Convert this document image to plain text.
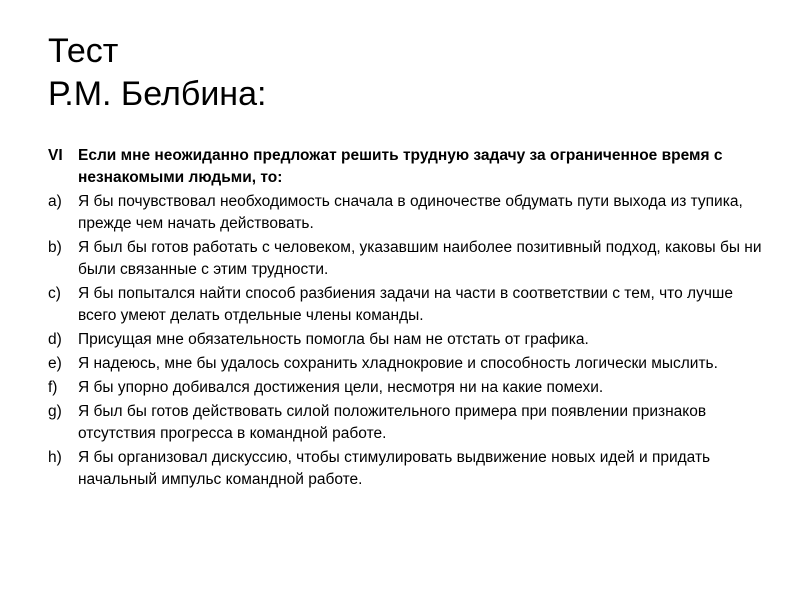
Тест
Р.М. Белбина:
VI Если мне неожиданно предложат решить трудную задачу за ограниченное время с незнакомыми людьми, то:
a)	Я бы почувствовал необходимость сначала в одиночестве обдумать пути выхода из тупика, прежде чем начать действовать.
b)	Я был бы готов работать с человеком, указавшим наиболее позитивный подход, каковы бы ни были связанные с этим трудности.
c)	Я бы попытался найти способ разбиения задачи на части в соответствии с тем, что лучше всего умеют делать отдельные члены команды.
d)	Присущая мне обязательность помогла бы нам не отстать от графика.
e)	Я надеюсь, мне бы удалось сохранить хладнокровие и способность логически мыслить.
f)	Я бы упорно добивался достижения цели, несмотря ни на какие помехи.
g)	Я был бы готов действовать силой положительного примера при появлении признаков отсутствия прогресса в командной работе.
h)	Я бы организовал дискуссию, чтобы стимулировать выдвижение новых идей и придать начальный импульс командной работе.
